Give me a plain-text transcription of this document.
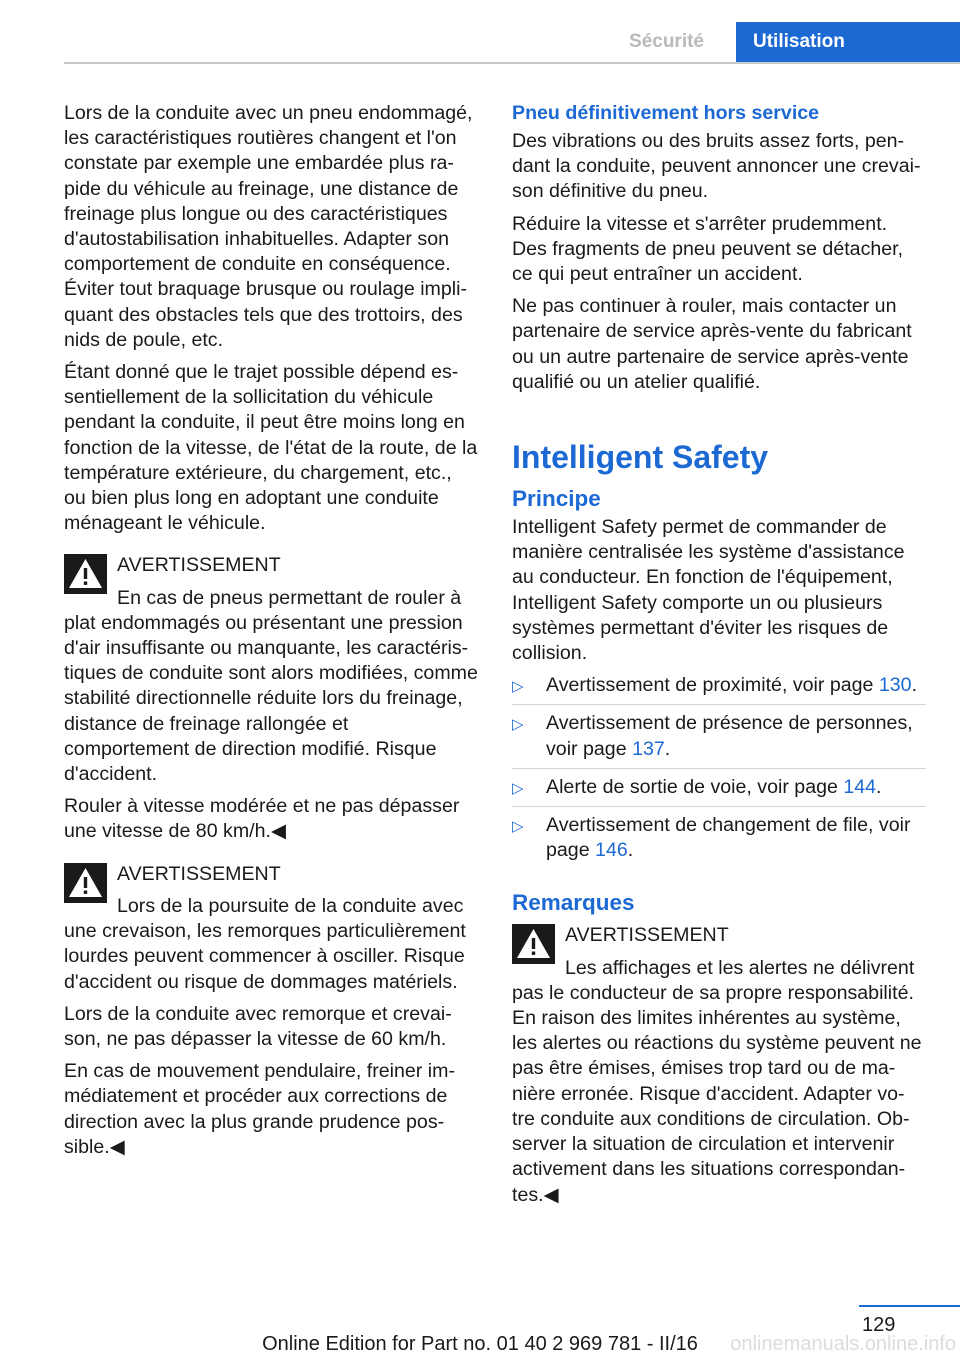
Sécurité	Utilisation

Lors de la conduite avec un pneu endommagé, les caractéristiques routières changent et l'on constate par exemple une embardée plus ra‐pide du véhicule au freinage, une distance de freinage plus longue ou des caractéristiques d'autostabilisation inhabituelles. Adapter son comportement de conduite en conséquence. Éviter tout braquage brusque ou roulage impli‐quant des obstacles tels que des trottoirs, des nids de poule, etc.

Étant donné que le trajet possible dépend es‐sentiellement de la sollicitation du véhicule pendant la conduite, il peut être moins long en fonction de la vitesse, de l'état de la route, de la température extérieure, du chargement, etc., ou bien plus long en adoptant une conduite ménageant le véhicule.

AVERTISSEMENT

En cas de pneus permettant de rouler à plat endommagés ou présentant une pression d'air insuffisante ou manquante, les caractéris‐tiques de conduite sont alors modifiées, comme stabilité directionnelle réduite lors du freinage, distance de freinage rallongée et comportement de direction modifié. Risque d'accident.

Rouler à vitesse modérée et ne pas dépasser une vitesse de 80 km/h.◀

AVERTISSEMENT

Lors de la poursuite de la conduite avec une crevaison, les remorques particulièrement lourdes peuvent commencer à osciller. Risque d'accident ou risque de dommages matériels.

Lors de la conduite avec remorque et crevai‐son, ne pas dépasser la vitesse de 60 km/h.

En cas de mouvement pendulaire, freiner im‐médiatement et procéder aux corrections de direction avec la plus grande prudence pos‐sible.◀

Pneu définitivement hors service

Des vibrations ou des bruits assez forts, pen‐dant la conduite, peuvent annoncer une crevai‐son définitive du pneu.

Réduire la vitesse et s'arrêter prudemment. Des fragments de pneu peuvent se détacher, ce qui peut entraîner un accident.

Ne pas continuer à rouler, mais contacter un partenaire de service après-vente du fabricant ou un autre partenaire de service après-vente qualifié ou un atelier qualifié.

Intelligent Safety
Principe

Intelligent Safety permet de commander de manière centralisée les système d'assistance au conducteur. En fonction de l'équipement, Intelligent Safety comporte un ou plusieurs systèmes permettant d'éviter les risques de collision.

▷ Avertissement de proximité, voir page 130.
▷ Avertissement de présence de personnes, voir page 137.
▷ Alerte de sortie de voie, voir page 144.
▷ Avertissement de changement de file, voir page 146.
Remarques
AVERTISSEMENT

Les affichages et les alertes ne délivrent pas le conducteur de sa propre responsabilité. En raison des limites inhérentes au système, les alertes ou réactions du système peuvent ne pas être émises, émises trop tard ou de ma‐nière erronée. Risque d'accident. Adapter vo‐tre conduite aux conditions de circulation. Ob‐server la situation de circulation et intervenir activement dans les situations correspondan‐tes.◀

129
Online Edition for Part no. 01 40 2 969 781 - II/16	onlinemanuals.online.info
